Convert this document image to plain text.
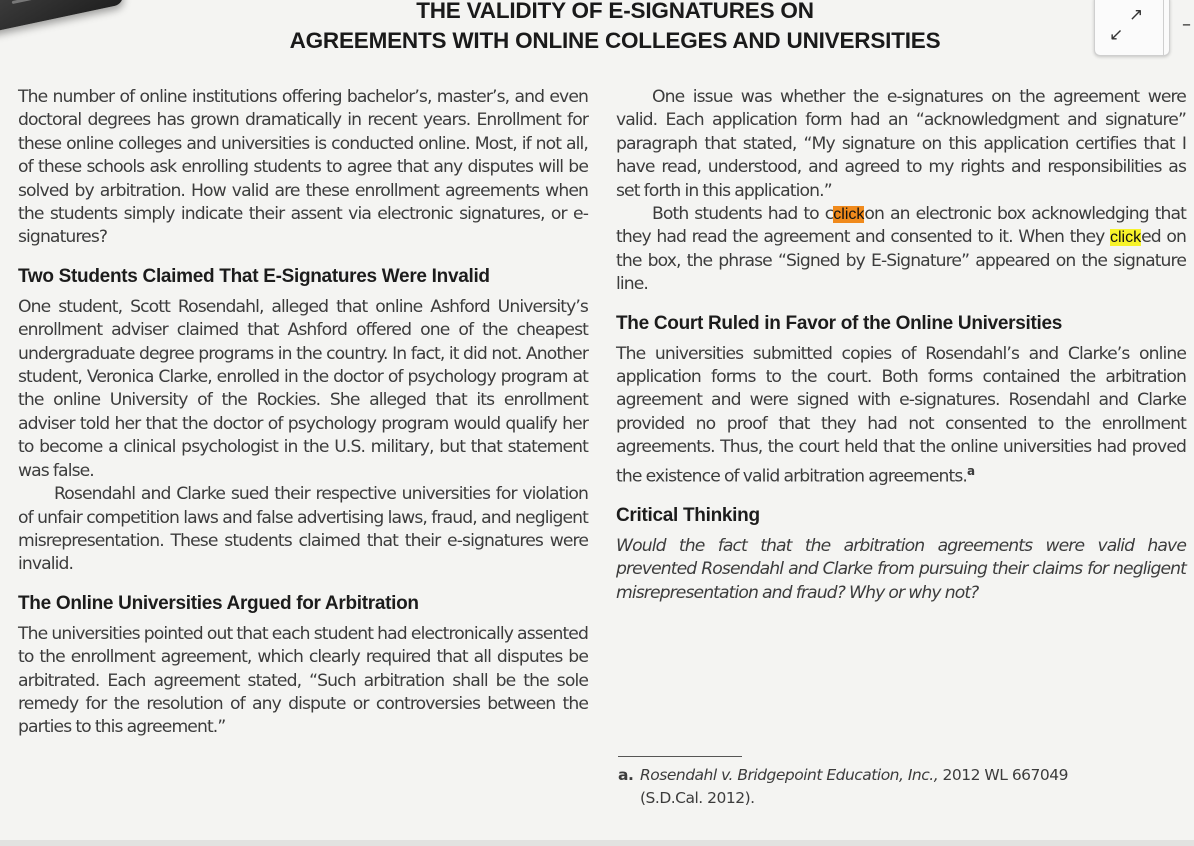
THE VALIDITY OF E-SIGNATURES ON
AGREEMENTS WITH ONLINE COLLEGES AND UNIVERSITIES
↗
↙	–

The number of online institutions offering bachelor’s, master’s, and even doctoral degrees has grown dramatically in recent years. Enrollment for these online colleges and universities is conducted online. Most, if not all, of these schools ask enrolling students to agree that any disputes will be solved by arbitration. How valid are these enrollment agreements when the students simply indicate their assent via electronic signatures, or e-signatures?

Two Students Claimed That E-Signatures Were Invalid

One student, Scott Rosendahl, alleged that online Ashford University’s enrollment adviser claimed that Ashford offered one of the cheapest undergraduate degree programs in the country. In fact, it did not. Another student, Veronica Clarke, enrolled in the doctor of psychology program at the online University of the Rockies. She alleged that its enrollment adviser told her that the doctor of psychology program would qualify her to become a clinical psychologist in the U.S. military, but that statement was false.

Rosendahl and Clarke sued their respective universities for violation of unfair competition laws and false advertising laws, fraud, and negligent misrepresentation. These students claimed that their e-signatures were invalid.

The Online Universities Argued for Arbitration

The universities pointed out that each student had electronically assented to the enrollment agreement, which clearly required that all disputes be arbitrated. Each agreement stated, “Such arbitration shall be the sole remedy for the resolution of any dispute or controversies between the parties to this agreement.”

One issue was whether the e-signatures on the agreement were valid. Each application form had an “acknowledgment and signature” paragraph that stated, “My signature on this application certifies that I have read, understood, and agreed to my rights and responsibilities as set forth in this application.”

Both students had to cclickon an electronic box acknowledging that they had read the agreement and consented to it. When they clicked on the box, the phrase “Signed by E-Signature” appeared on the signature line.

The Court Ruled in Favor of the Online Universities

The universities submitted copies of Rosendahl’s and Clarke’s online application forms to the court. Both forms contained the arbitration agreement and were signed with e-signatures. Rosendahl and Clarke provided no proof that they had not consented to the enrollment agreements. Thus, the court held that the online universities had proved the existence of valid arbitration agreements.$^a$

Critical Thinking

Would the fact that the arbitration agreements were valid have prevented Rosendahl and Clarke from pursuing their claims for negligent misrepresentation and fraud? Why or why not?

a. Rosendahl v. Bridgepoint Education, Inc., 2012 WL 667049
(S.D.Cal. 2012).
